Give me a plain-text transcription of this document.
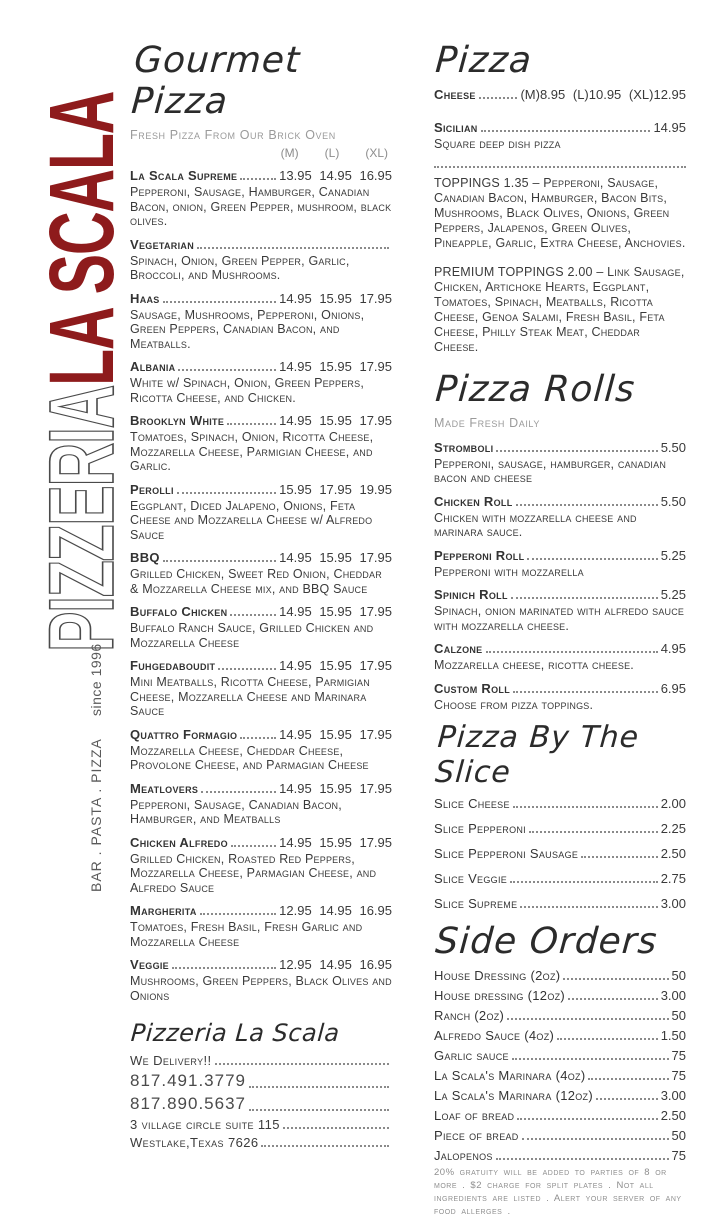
PIZZERIALA SCALA
since 1996
BAR . PASTA . PIZZA
Gourmet Pizza
Fresh Pizza From Our Brick Oven
(M) (L) (XL)
La Scala Supreme	13.95 14.95 16.95
Pepperoni, Sausage, Hamburger, Canadian Bacon, onion, Green Pepper, mushroom, black olives.
Vegetarian
Spinach, Onion, Green Pepper, Garlic, Broccoli, and Mushrooms.
Haas	14.95 15.95 17.95
Sausage, Mushrooms, Pepperoni, Onions, Green Peppers, Canadian Bacon, and Meatballs.
Albania	14.95 15.95 17.95
White w/ Spinach, Onion, Green Peppers, Ricotta Cheese, and Chicken.
Brooklyn White	14.95 15.95 17.95
Tomatoes, Spinach, Onion, Ricotta Cheese, Mozzarella Cheese, Parmigian Cheese, and Garlic.
Perolli	15.95 17.95 19.95
Eggplant, Diced Jalapeno, Onions, Feta Cheese and Mozzarella Cheese w/ Alfredo Sauce
BBQ	14.95 15.95 17.95
Grilled Chicken, Sweet Red Onion, Cheddar & Mozzarella Cheese mix, and BBQ Sauce
Buffalo Chicken	14.95 15.95 17.95
Buffalo Ranch Sauce, Grilled Chicken and Mozzarella Cheese
Fuhgedaboudit	14.95 15.95 17.95
Mini Meatballs, Ricotta Cheese, Parmigian Cheese, Mozzarella Cheese and Marinara Sauce
Quattro Formagio	14.95 15.95 17.95
Mozzarella Cheese, Cheddar Cheese, Provolone Cheese, and Parmagian Cheese
Meatlovers	14.95 15.95 17.95
Pepperoni, Sausage, Canadian Bacon, Hamburger, and Meatballs
Chicken Alfredo	14.95 15.95 17.95
Grilled Chicken, Roasted Red Peppers, Mozzarella Cheese, Parmagian Cheese, and Alfredo Sauce
Margherita	12.95 14.95 16.95
Tomatoes, Fresh Basil, Fresh Garlic and Mozzarella Cheese
Veggie	12.95 14.95 16.95
Mushrooms, Green Peppers, Black Olives and Onions
Pizzeria La Scala
We Delivery!!
817.491.3779
817.890.5637
3 village circle suite 115
Westlake,Texas 7626
Pizza
Cheese	(M)8.95 (L)10.95 (XL)12.95
Sicilian	14.95
Square deep dish pizza
TOPPINGS 1.35 – Pepperoni, Sausage, Canadian Bacon, Hamburger, Bacon Bits, Mushrooms, Black Olives, Onions, Green Peppers, Jalapenos, Green Olives, Pineapple, Garlic, Extra Cheese, Anchovies.
PREMIUM TOPPINGS 2.00 – Link Sausage, Chicken, Artichoke Hearts, Eggplant, Tomatoes, Spinach, Meatballs, Ricotta Cheese, Genoa Salami, Fresh Basil, Feta Cheese, Philly Steak Meat, Cheddar Cheese.
Pizza Rolls
Made Fresh Daily
Stromboli	5.50
Pepperoni, sausage, hamburger, canadian bacon and cheese
Chicken Roll	5.50
Chicken with mozzarella cheese and marinara sauce.
Pepperoni Roll	5.25
Pepperoni with mozzarella
Spinich Roll	5.25
Spinach, onion marinated with alfredo sauce with mozzarella cheese.
Calzone	4.95
Mozzarella cheese, ricotta cheese.
Custom Roll	6.95
Choose from pizza toppings.
Pizza By The Slice
Slice Cheese	2.00
Slice Pepperoni	2.25
Slice Pepperoni Sausage	2.50
Slice Veggie	2.75
Slice Supreme	3.00
Side Orders
House Dressing (2oz)	50
House dressing (12oz)	3.00
Ranch (2oz)	50
Alfredo Sauce (4oz)	1.50
Garlic sauce	75
La Scala's Marinara (4oz)	75
La Scala's Marinara (12oz)	3.00
Loaf of bread	2.50
Piece of bread	50
Jalopenos	75
20% gratuity will be added to parties of 8 or more . $2 charge for split plates . Not all ingredients are listed . Alert your server of any food allerges .
